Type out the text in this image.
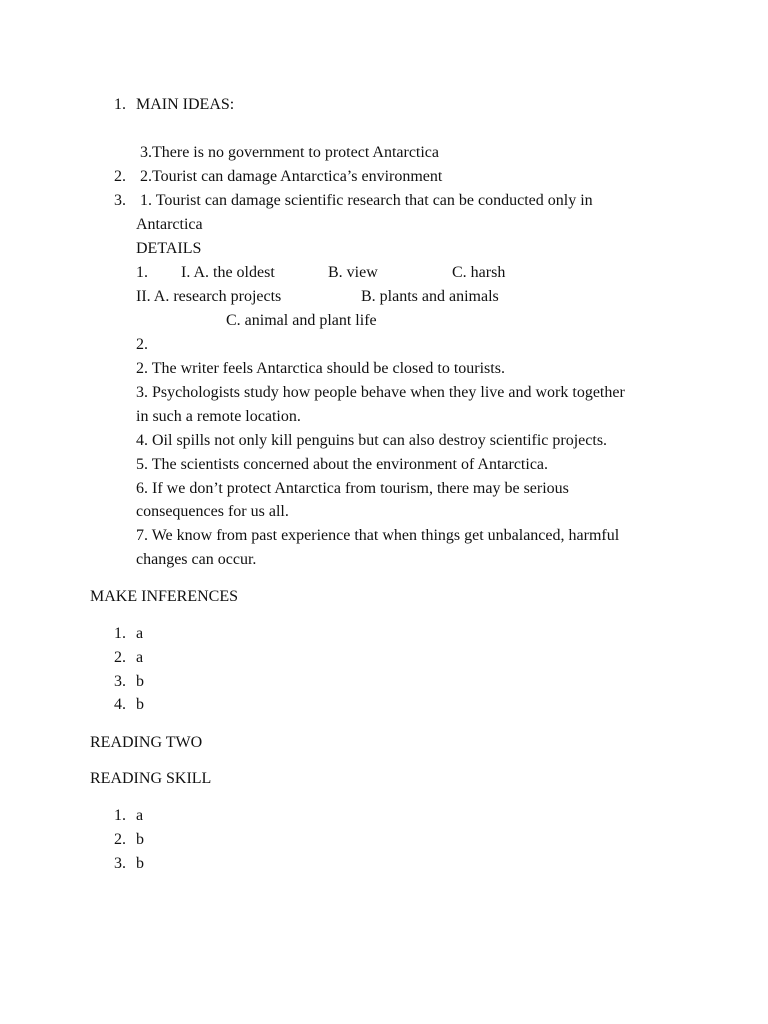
1. MAIN IDEAS:
3.There is no government to protect Antarctica
2. 2.Tourist can damage Antarctica’s environment
3. 1. Tourist can damage scientific research that can be conducted only in
Antarctica
DETAILS
1. I. A. the oldest	B. view	C. harsh
II. A. research projects	B. plants and animals
C. animal and plant life
2.
2. The writer feels Antarctica should be closed to tourists.
3. Psychologists study how people behave when they live and work together
in such a remote location.
4. Oil spills not only kill penguins but can also destroy scientific projects.
5. The scientists concerned about the environment of Antarctica.
6. If we don’t protect Antarctica from tourism, there may be serious
consequences for us all.
7. We know from past experience that when things get unbalanced, harmful
changes can occur.
MAKE INFERENCES
1. a
2. a
3. b
4. b
READING TWO
READING SKILL
1. a
2. b
3. b
